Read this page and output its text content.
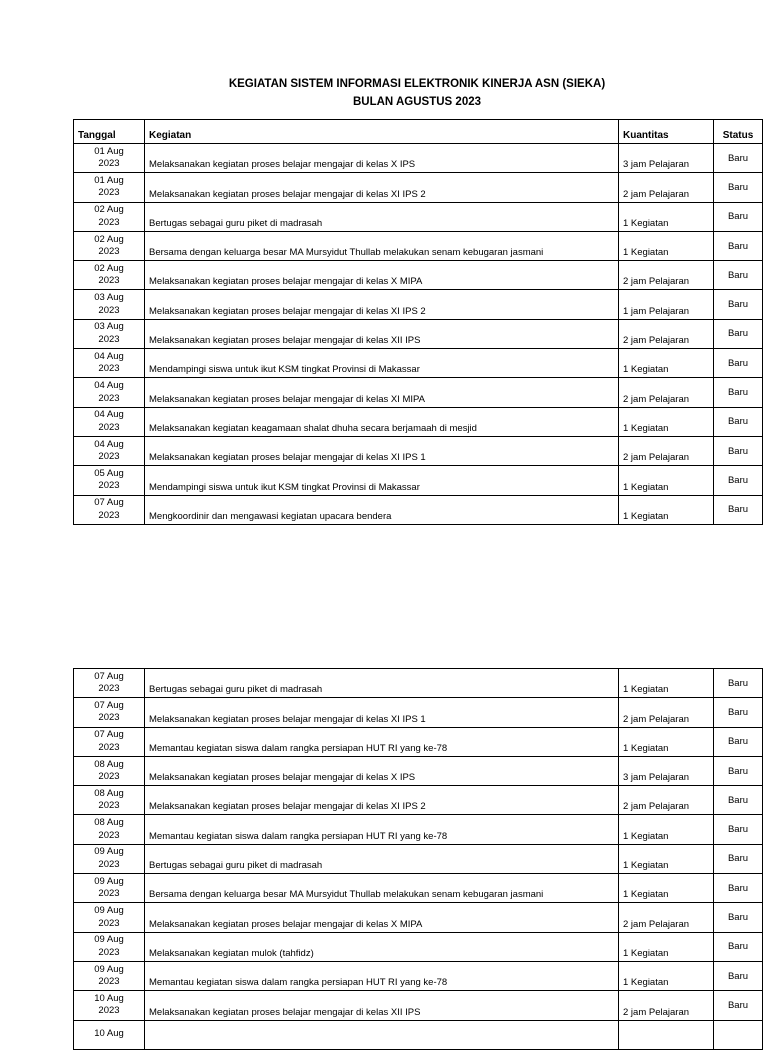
KEGIATAN SISTEM INFORMASI ELEKTRONIK KINERJA ASN (SIEKA)
BULAN AGUSTUS 2023
Tanggal	Kegiatan	Kuantitas	Status

01 Aug
2023	Melaksanakan kegiatan proses belajar mengajar di kelas X IPS	3 jam Pelajaran	Baru

01 Aug
2023	Melaksanakan kegiatan proses belajar mengajar di kelas XI IPS 2	2 jam Pelajaran	Baru

02 Aug
2023	Bertugas sebagai guru piket di madrasah	1 Kegiatan	Baru

02 Aug
2023	Bersama dengan keluarga besar MA Mursyidut Thullab melakukan senam kebugaran jasmani	1 Kegiatan	Baru

02 Aug
2023	Melaksanakan kegiatan proses belajar mengajar di kelas X MIPA	2 jam Pelajaran	Baru

03 Aug
2023	Melaksanakan kegiatan proses belajar mengajar di kelas XI IPS 2	1 jam Pelajaran	Baru

03 Aug
2023	Melaksanakan kegiatan proses belajar mengajar di kelas XII IPS	2 jam Pelajaran	Baru

04 Aug
2023	Mendampingi siswa untuk ikut KSM tingkat Provinsi di Makassar	1 Kegiatan	Baru

04 Aug
2023	Melaksanakan kegiatan proses belajar mengajar di kelas XI MIPA	2 jam Pelajaran	Baru

04 Aug
2023	Melaksanakan kegiatan keagamaan shalat dhuha secara berjamaah di mesjid	1 Kegiatan	Baru

04 Aug
2023	Melaksanakan kegiatan proses belajar mengajar di kelas XI IPS 1	2 jam Pelajaran	Baru

05 Aug
2023	Mendampingi siswa untuk ikut KSM tingkat Provinsi di Makassar	1 Kegiatan	Baru

07 Aug
2023	Mengkoordinir dan mengawasi kegiatan upacara bendera	1 Kegiatan	Baru
07 Aug
2023	Bertugas sebagai guru piket di madrasah	1 Kegiatan	Baru

07 Aug
2023	Melaksanakan kegiatan proses belajar mengajar di kelas XI IPS 1	2 jam Pelajaran	Baru

07 Aug
2023	Memantau kegiatan siswa dalam rangka persiapan HUT RI yang ke-78	1 Kegiatan	Baru

08 Aug
2023	Melaksanakan kegiatan proses belajar mengajar di kelas X IPS	3 jam Pelajaran	Baru

08 Aug
2023	Melaksanakan kegiatan proses belajar mengajar di kelas XI IPS 2	2 jam Pelajaran	Baru

08 Aug
2023	Memantau kegiatan siswa dalam rangka persiapan HUT RI yang ke-78	1 Kegiatan	Baru

09 Aug
2023	Bertugas sebagai guru piket di madrasah	1 Kegiatan	Baru

09 Aug
2023	Bersama dengan keluarga besar MA Mursyidut Thullab melakukan senam kebugaran jasmani	1 Kegiatan	Baru

09 Aug
2023	Melaksanakan kegiatan proses belajar mengajar di kelas X MIPA	2 jam Pelajaran	Baru

09 Aug
2023	Melaksanakan kegiatan mulok (tahfidz)	1 Kegiatan	Baru

09 Aug
2023	Memantau kegiatan siswa dalam rangka persiapan HUT RI yang ke-78	1 Kegiatan	Baru

10 Aug
2023	Melaksanakan kegiatan proses belajar mengajar di kelas XII IPS	2 jam Pelajaran	Baru

10 Aug			
